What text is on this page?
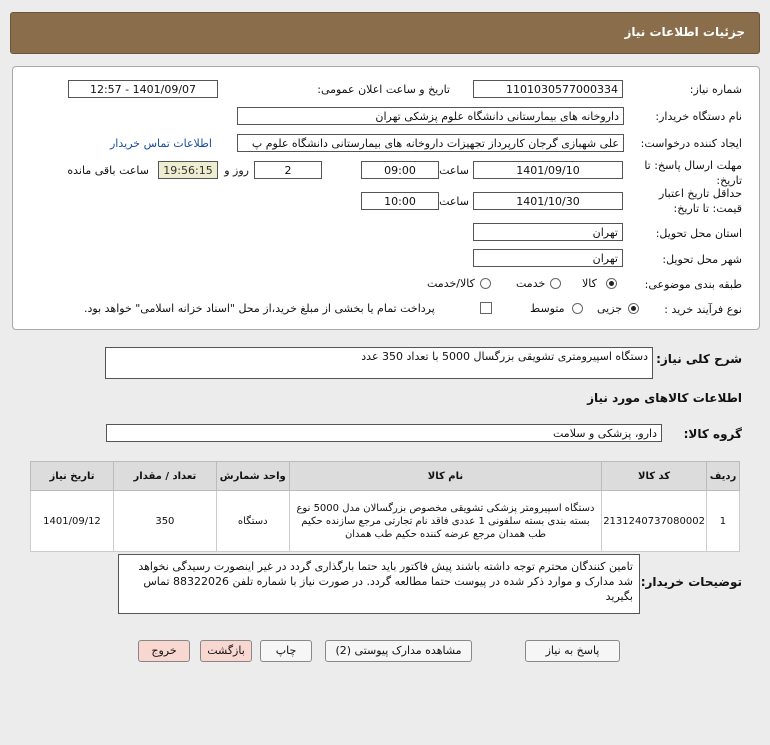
جزئیات اطلاعات نیاز
شماره نیاز:
1101030577000334
تاریخ و ساعت اعلان عمومی:
1401/09/07 - 12:57
نام دستگاه خریدار:
داروخانه های بیمارستانی دانشگاه علوم پزشکی تهران
ایجاد کننده درخواست:
علی شهبازی گرجان کارپرداز تجهیزات داروخانه های بیمارستانی دانشگاه علوم پ
اطلاعات تماس خریدار
مهلت ارسال پاسخ: تا تاریخ:
1401/09/10
ساعت
09:00
2
روز و
19:56:15
ساعت باقی مانده
حداقل تاریخ اعتبار قیمت: تا تاریخ:
1401/10/30
ساعت
10:00
استان محل تحویل:
تهران
شهر محل تحویل:
تهران
طبقه بندی موضوعی:
کالا
خدمت
کالا/خدمت
نوع فرآیند خرید :
جزیی
متوسط
پرداخت تمام یا بخشی از مبلغ خرید،از محل "اسناد خزانه اسلامی" خواهد بود.
شرح کلی نیاز:
دستگاه اسپیرومتری تشویقی بزرگسال 5000 با تعداد 350 عدد
اطلاعات کالاهای مورد نیاز
گروه کالا:
دارو، پزشکی و سلامت
تاریخ نیاز	تعداد / مقدار	واحد شمارش	نام کالا	کد کالا	ردیف
1401/09/12	350	دستگاه	دستگاه اسپیرومتر پزشکی تشویقی مخصوص بزرگسالان مدل 5000 نوع بسته بندی بسته سلفونی 1 عددی فاقد نام تجارتی مرجع سازنده حکیم طب همدان مرجع عرضه کننده حکیم طب همدان	2131240737080002	1
توضیحات خریدار:
تامین کنندگان محترم توجه داشته باشند پیش فاکتور باید حتما بارگذاری گردد در غیر اینصورت رسیدگی نخواهد شد مدارک و موارد ذکر شده در پیوست حتما مطالعه گردد. در صورت نیاز با شماره تلفن 88322026 تماس بگیرید
پاسخ به نیاز
مشاهده مدارک پیوستی (2)
چاپ
بازگشت
خروج
